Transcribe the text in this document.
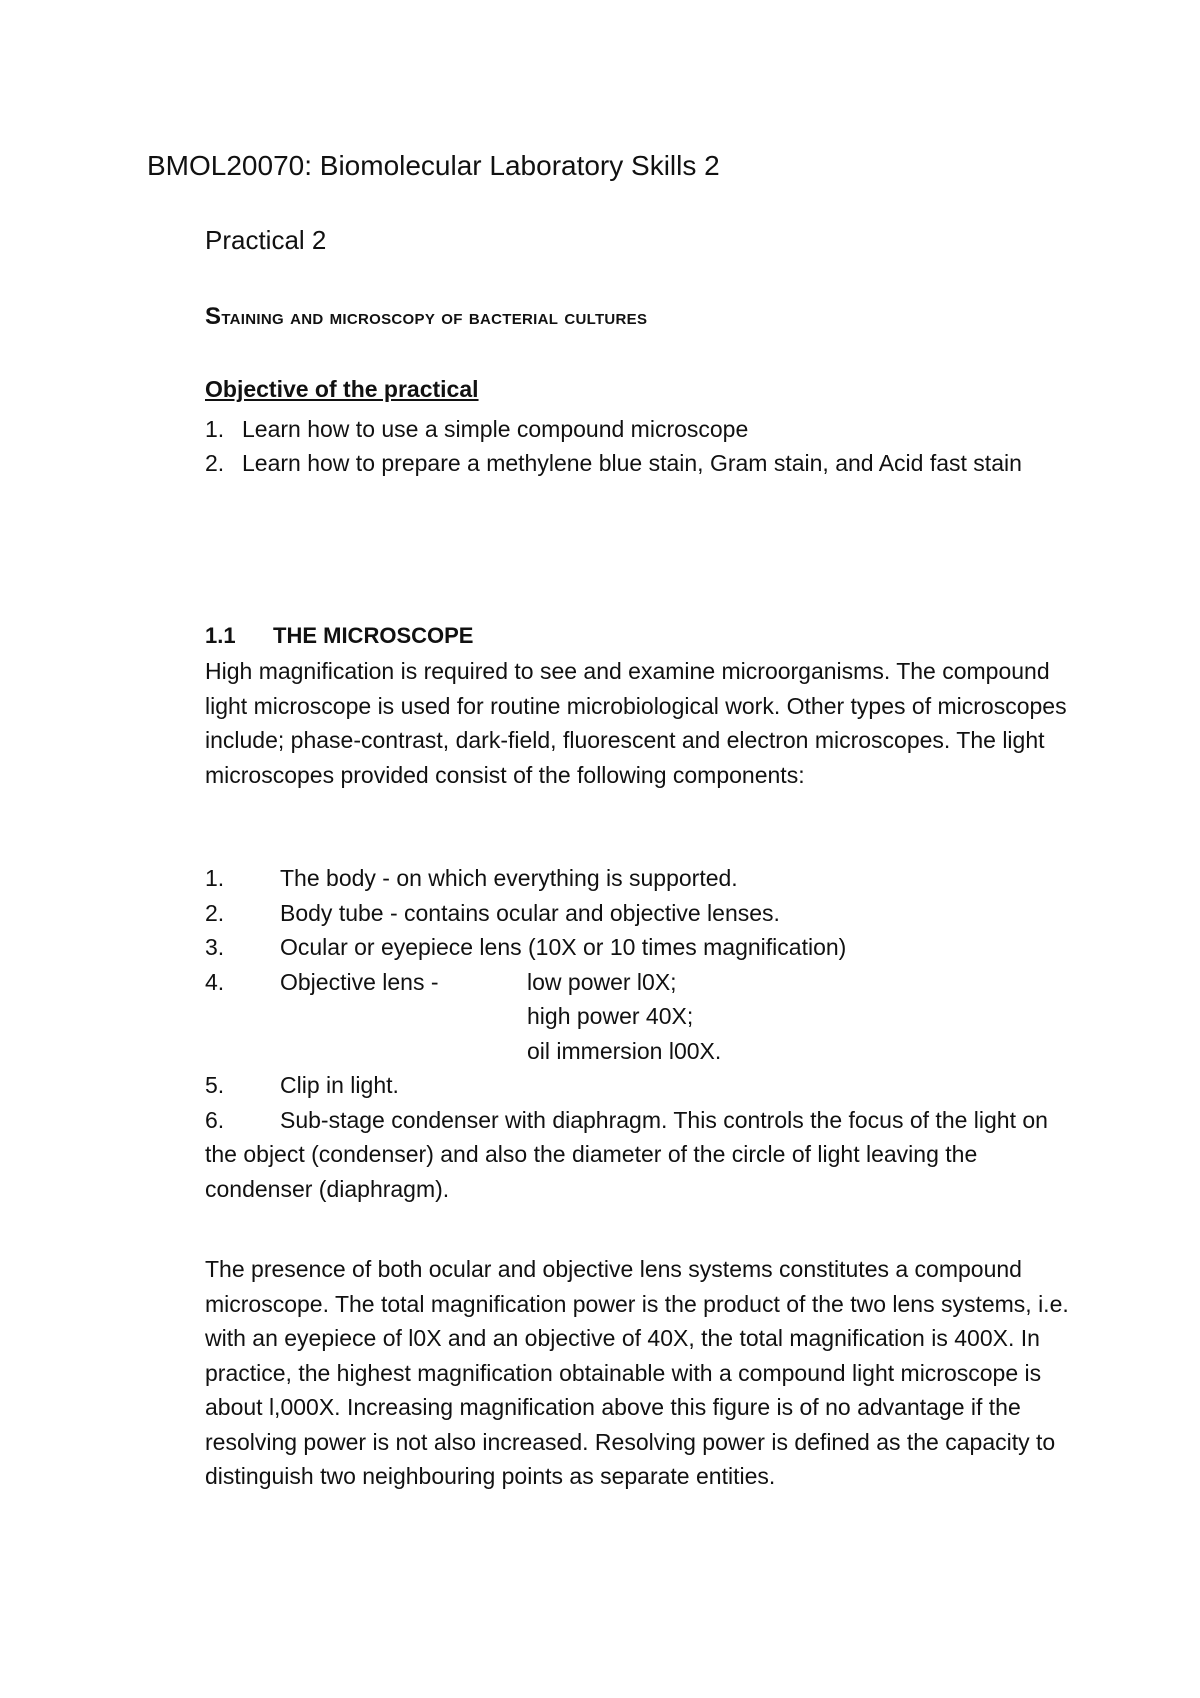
BMOL20070: Biomolecular Laboratory Skills 2
Practical 2
Staining and microscopy of bacterial cultures
Objective of the practical
1. Learn how to use a simple compound microscope
2. Learn how to prepare a methylene blue stain, Gram stain, and Acid fast stain
1.1 THE MICROSCOPE

High magnification is required to see and examine microorganisms. The compound light microscope is used for routine microbiological work. Other types of microscopes include; phase-contrast, dark-field, fluorescent and electron microscopes. The light microscopes provided consist of the following components:

1. The body - on which everything is supported.
2. Body tube - contains ocular and objective lenses.
3. Ocular or eyepiece lens (10X or 10 times magnification)
4. Objective lens -	low power l0X;
high power 40X;
oil immersion l00X.
5. Clip in light.
6. Sub-stage condenser with diaphragm. This controls the focus of the light on the object (condenser) and also the diameter of the circle of light leaving the condenser (diaphragm).

The presence of both ocular and objective lens systems constitutes a compound microscope. The total magnification power is the product of the two lens systems, i.e. with an eyepiece of l0X and an objective of 40X, the total magnification is 400X. In practice, the highest magnification obtainable with a compound light microscope is about l,000X. Increasing magnification above this figure is of no advantage if the resolving power is not also increased. Resolving power is defined as the capacity to distinguish two neighbouring points as separate entities.
